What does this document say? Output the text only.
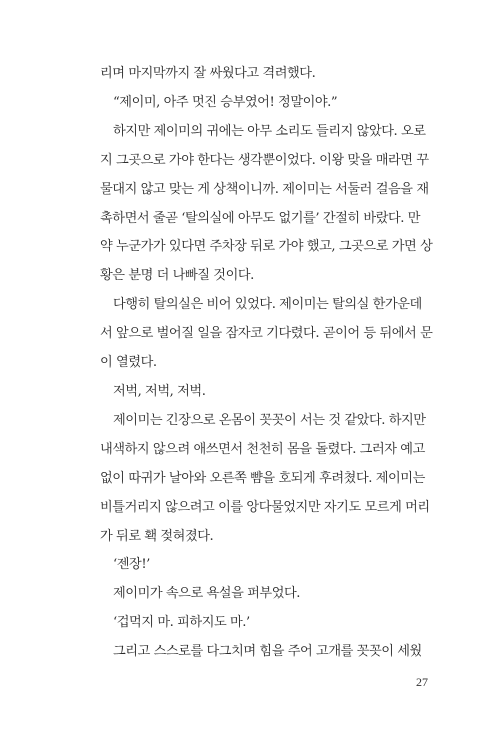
리며 마지막까지 잘 싸웠다고 격려했다.
“제이미, 아주 멋진 승부였어! 정말이야.”
하지만 제이미의 귀에는 아무 소리도 들리지 않았다. 오로
지 그곳으로 가야 한다는 생각뿐이었다. 이왕 맞을 매라면 꾸
물대지 않고 맞는 게 상책이니까. 제이미는 서둘러 걸음을 재
촉하면서 줄곧 ‘탈의실에 아무도 없기를’ 간절히 바랐다. 만
약 누군가가 있다면 주차장 뒤로 가야 했고, 그곳으로 가면 상
황은 분명 더 나빠질 것이다.
다행히 탈의실은 비어 있었다. 제이미는 탈의실 한가운데
서 앞으로 벌어질 일을 잠자코 기다렸다. 곧이어 등 뒤에서 문
이 열렸다.
저벅, 저벅, 저벅.
제이미는 긴장으로 온몸이 꼿꼿이 서는 것 같았다. 하지만
내색하지 않으려 애쓰면서 천천히 몸을 돌렸다. 그러자 예고
없이 따귀가 날아와 오른쪽 뺨을 호되게 후려쳤다. 제이미는
비틀거리지 않으려고 이를 앙다물었지만 자기도 모르게 머리
가 뒤로 홱 젖혀졌다.
‘젠장!’
제이미가 속으로 욕설을 퍼부었다.
‘겁먹지 마. 피하지도 마.’
그리고 스스로를 다그치며 힘을 주어 고개를 꼿꼿이 세웠
27
